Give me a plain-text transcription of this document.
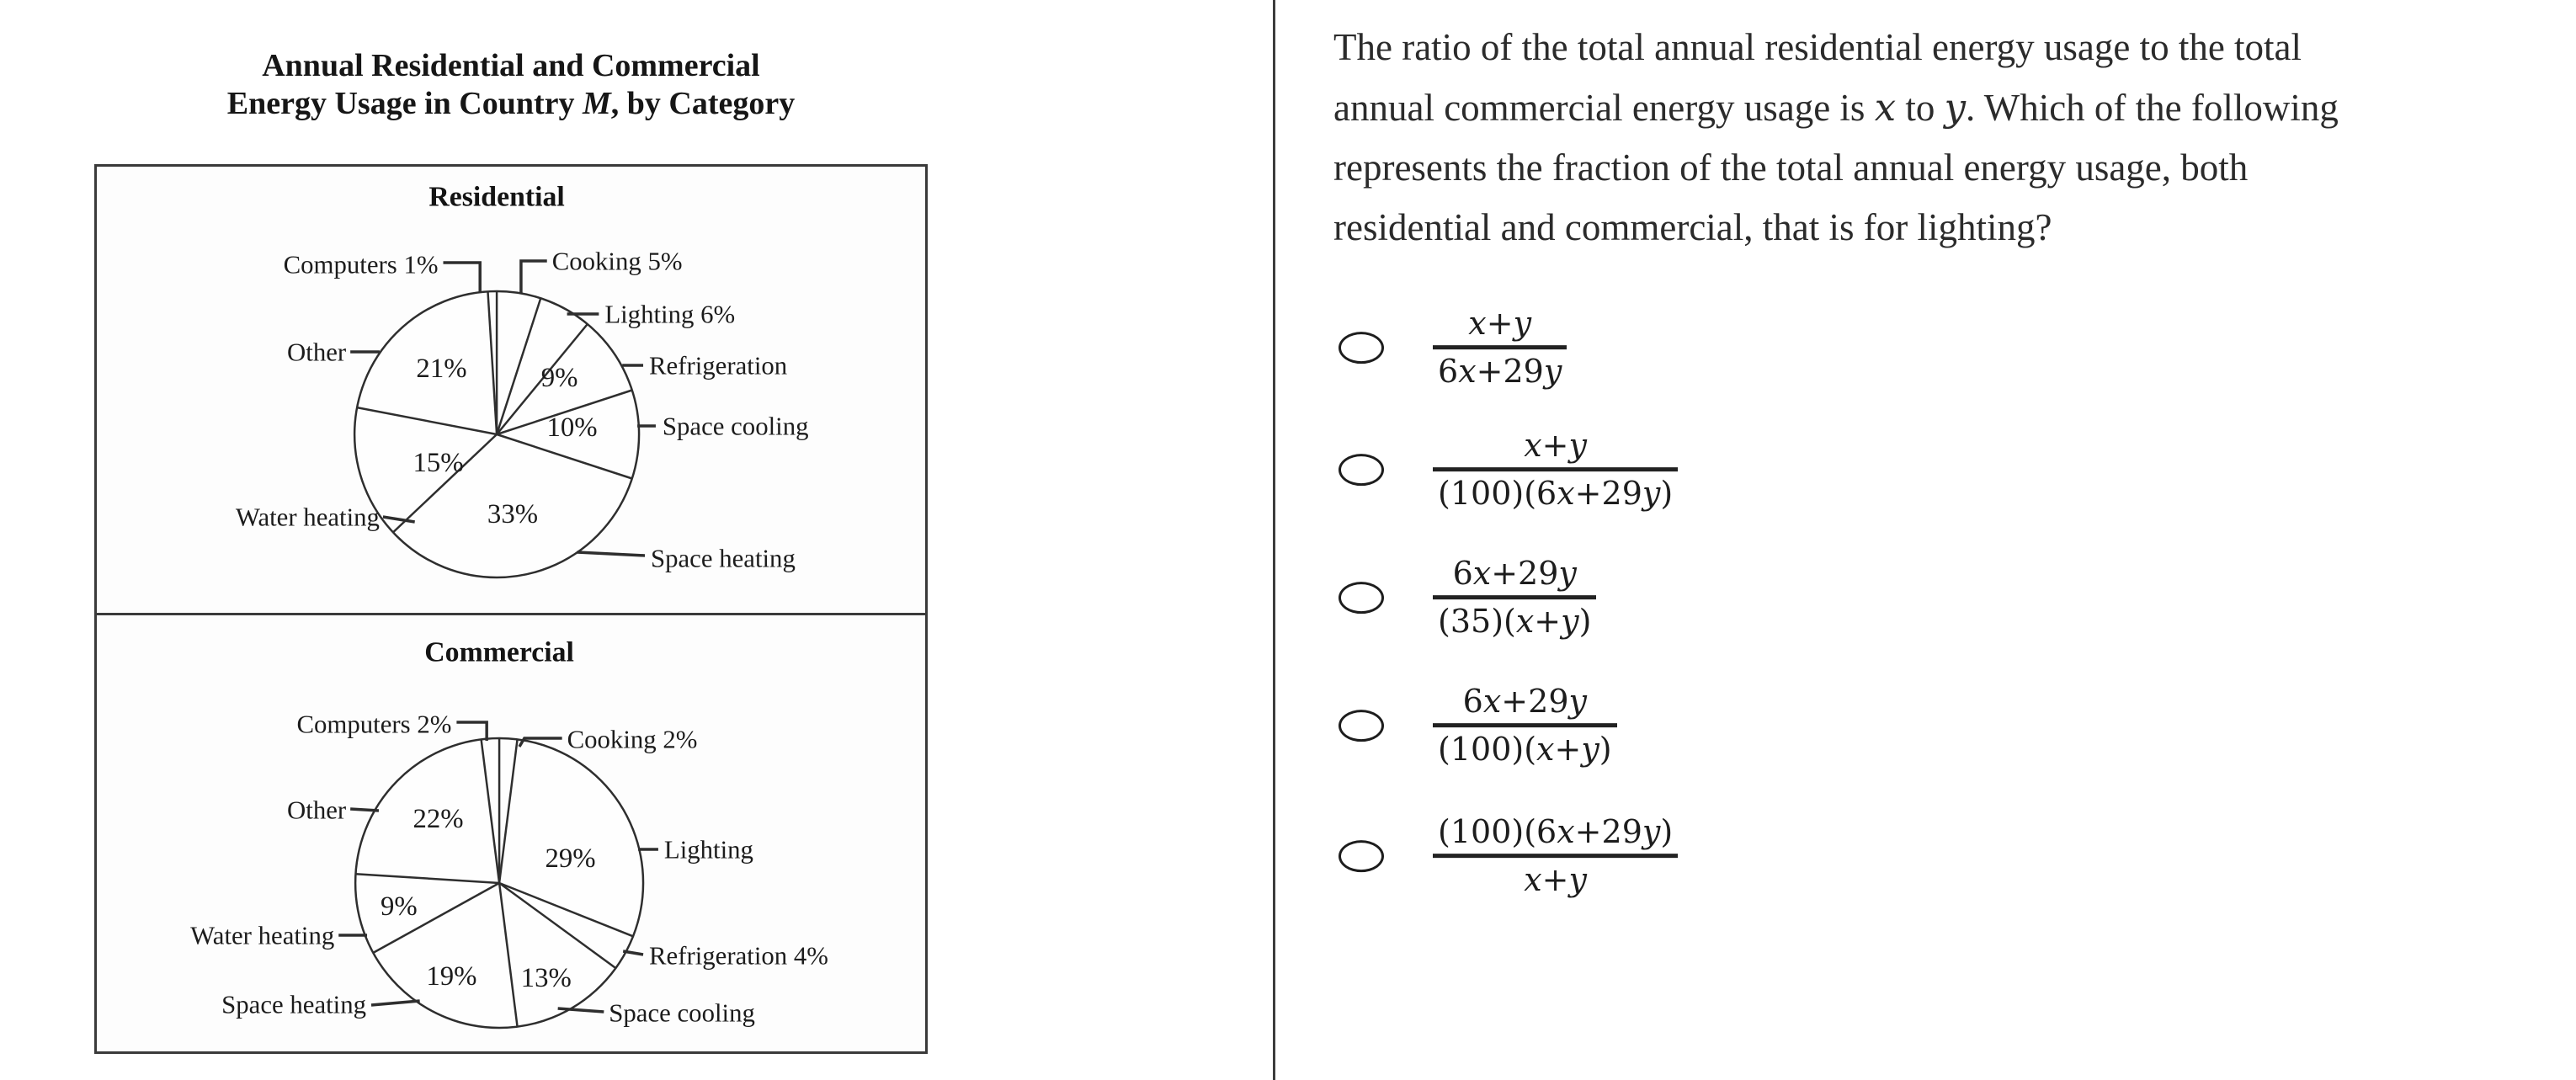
Annual Residential and Commercial
Energy Usage in Country M, by Category
Computers 1%	Cooking 5%
Lighting 6%
Refrigeration
Space cooling
Space heating
Water heating
Other
21%	9%
10%
33%
15%
Residential
Computers 2%
Cooking 2%
Lighting
Refrigeration 4%
Space cooling
Space heating
Water heating
Other 22%
29%
13%
19%
9%
Commercial
The ratio of the total annual residential energy usage to the total
annual commercial energy usage is x to y. Which of the following
represents the fraction of the total annual energy usage, both
residential and commercial, that is for lighting?
x+y
6x+29y
x+y
(100)(6x+29y)
6x+29y
(35)(x+y)
6x+29y
(100)(x+y)
(100)(6x+29y)
x+y
